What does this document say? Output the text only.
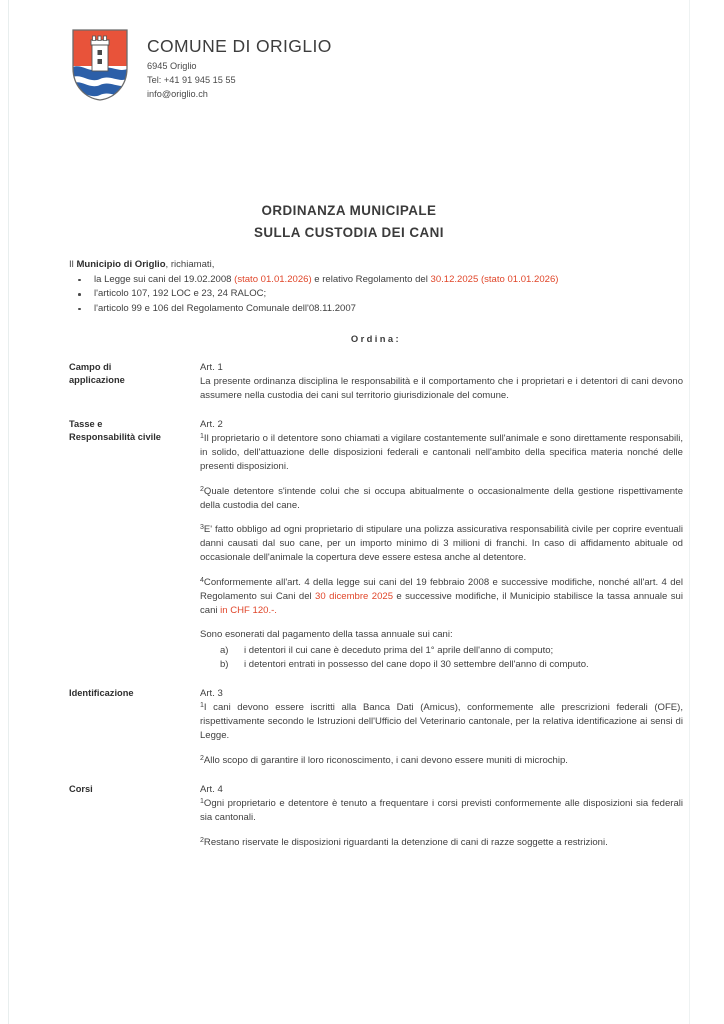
COMUNE DI ORIGLIO
6945 Origlio
Tel: +41 91 945 15 55
info@origlio.ch
ORDINANZA MUNICIPALE
SULLA CUSTODIA DEI CANI

Il Municipio di Origlio, richiamati,

la Legge sui cani del 19.02.2008 (stato 01.01.2026) e relativo Regolamento del 30.12.2025 (stato 01.01.2026)
l'articolo 107, 192 LOC e 23, 24 RALOC;
l'articolo 99 e 106 del Regolamento Comunale dell'08.11.2007
Ordina:
Campo di
applicazione

Art. 1

La presente ordinanza disciplina le responsabilità e il comportamento che i proprietari e i detentori di cani devono assumere nella custodia dei cani sul territorio giurisdizionale del comune.

Tasse e
Responsabilità civile

Art. 2

$^1$Il proprietario o il detentore sono chiamati a vigilare costantemente sull'animale e sono direttamente responsabili, in solido, dell'attuazione delle disposizioni federali e cantonali nell'ambito della specifica materia nonché delle presenti disposizioni.

$^2$Quale detentore s'intende colui che si occupa abitualmente o occasionalmente della gestione rispettivamente della custodia del cane.

$^3$E' fatto obbligo ad ogni proprietario di stipulare una polizza assicurativa responsabilità civile per coprire eventuali danni causati dal suo cane, per un importo minimo di 3 milioni di franchi. In caso di affidamento abituale od occasionale dell'animale la copertura deve essere estesa anche al detentore.

$^4$Conformemente all'art. 4 della legge sui cani del 19 febbraio 2008 e successive modifiche, nonché all'art. 4 del Regolamento sui Cani del 30 dicembre 2025 e successive modifiche, il Municipio stabilisce la tassa annuale sui cani in CHF 120.-.

Sono esonerati dal pagamento della tassa annuale sui cani:

a) i detentori il cui cane è deceduto prima del 1° aprile dell'anno di computo;
b) i detentori entrati in possesso del cane dopo il 30 settembre dell'anno di computo.
Identificazione	Art. 3

$^1$I cani devono essere iscritti alla Banca Dati (Amicus), conformemente alle prescrizioni federali (OFE), rispettivamente secondo le Istruzioni dell'Ufficio del Veterinario cantonale, per la relativa identificazione ai sensi di Legge.

$^2$Allo scopo di garantire il loro riconoscimento, i cani devono essere muniti di microchip.

Corsi	Art. 4

$^1$Ogni proprietario e detentore è tenuto a frequentare i corsi previsti conformemente alle disposizioni sia federali sia cantonali.

$^2$Restano riservate le disposizioni riguardanti la detenzione di cani di razze soggette a restrizioni.
